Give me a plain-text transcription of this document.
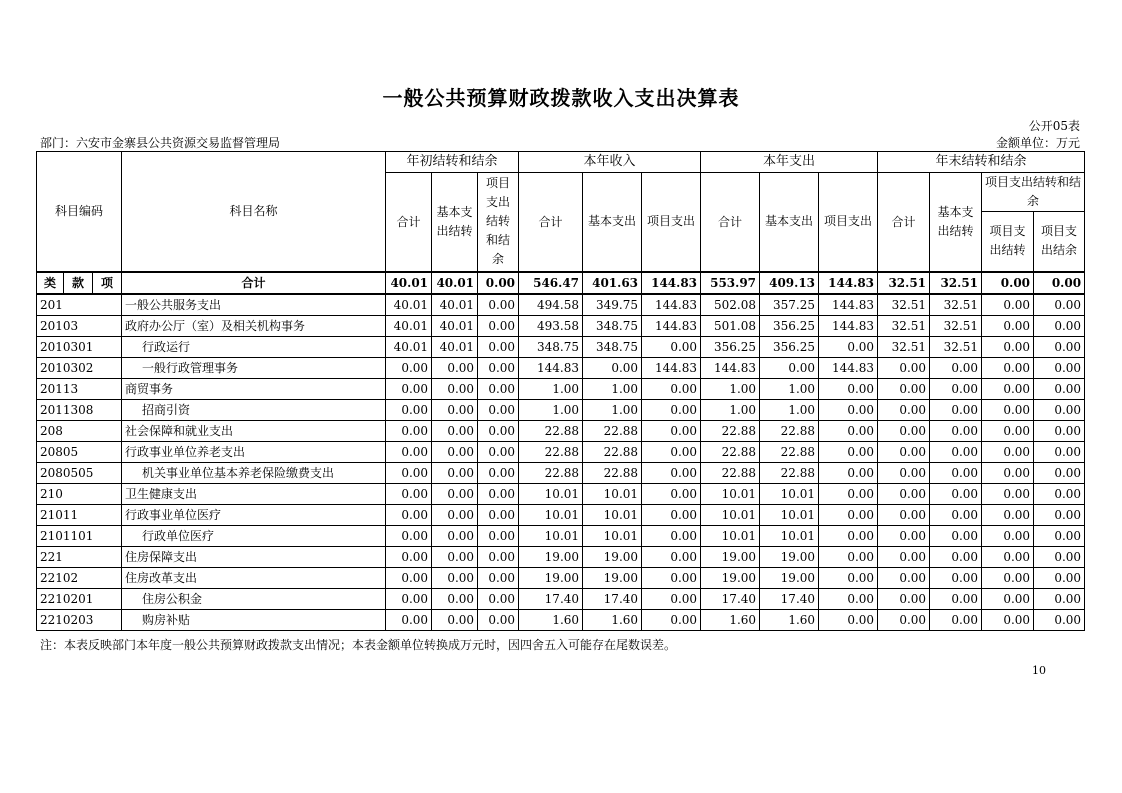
一般公共预算财政拨款收入支出决算表
公开05表
部门：六安市金寨县公共资源交易监督管理局	金额单位：万元
科目编码			科目名称	年初结转和结余			本年收入			本年支出			年末结转和结余			
				合计	基本支出结转	项目支出结转和结余	合计	基本支出	项目支出	合计	基本支出	项目支出	合计	基本支出结转	项目支出结转和结余	
															项目支出结转	项目支出结余
类	款	项	合计	40.01	40.01	0.00	546.47	401.63	144.83	553.97	409.13	144.83	32.51	32.51	0.00	0.00
201			一般公共服务支出	40.01	40.01	0.00	494.58	349.75	144.83	502.08	357.25	144.83	32.51	32.51	0.00	0.00
20103			政府办公厅（室）及相关机构事务	40.01	40.01	0.00	493.58	348.75	144.83	501.08	356.25	144.83	32.51	32.51	0.00	0.00
2010301			行政运行	40.01	40.01	0.00	348.75	348.75	0.00	356.25	356.25	0.00	32.51	32.51	0.00	0.00
2010302			一般行政管理事务	0.00	0.00	0.00	144.83	0.00	144.83	144.83	0.00	144.83	0.00	0.00	0.00	0.00
20113			商贸事务	0.00	0.00	0.00	1.00	1.00	0.00	1.00	1.00	0.00	0.00	0.00	0.00	0.00
2011308			招商引资	0.00	0.00	0.00	1.00	1.00	0.00	1.00	1.00	0.00	0.00	0.00	0.00	0.00
208			社会保障和就业支出	0.00	0.00	0.00	22.88	22.88	0.00	22.88	22.88	0.00	0.00	0.00	0.00	0.00
20805			行政事业单位养老支出	0.00	0.00	0.00	22.88	22.88	0.00	22.88	22.88	0.00	0.00	0.00	0.00	0.00
2080505			机关事业单位基本养老保险缴费支出	0.00	0.00	0.00	22.88	22.88	0.00	22.88	22.88	0.00	0.00	0.00	0.00	0.00
210			卫生健康支出	0.00	0.00	0.00	10.01	10.01	0.00	10.01	10.01	0.00	0.00	0.00	0.00	0.00
21011			行政事业单位医疗	0.00	0.00	0.00	10.01	10.01	0.00	10.01	10.01	0.00	0.00	0.00	0.00	0.00
2101101			行政单位医疗	0.00	0.00	0.00	10.01	10.01	0.00	10.01	10.01	0.00	0.00	0.00	0.00	0.00
221			住房保障支出	0.00	0.00	0.00	19.00	19.00	0.00	19.00	19.00	0.00	0.00	0.00	0.00	0.00
22102			住房改革支出	0.00	0.00	0.00	19.00	19.00	0.00	19.00	19.00	0.00	0.00	0.00	0.00	0.00
2210201			住房公积金	0.00	0.00	0.00	17.40	17.40	0.00	17.40	17.40	0.00	0.00	0.00	0.00	0.00
2210203			购房补贴	0.00	0.00	0.00	1.60	1.60	0.00	1.60	1.60	0.00	0.00	0.00	0.00	0.00
注：本表反映部门本年度一般公共预算财政拨款支出情况；本表金额单位转换成万元时，因四舍五入可能存在尾数误差。
10
